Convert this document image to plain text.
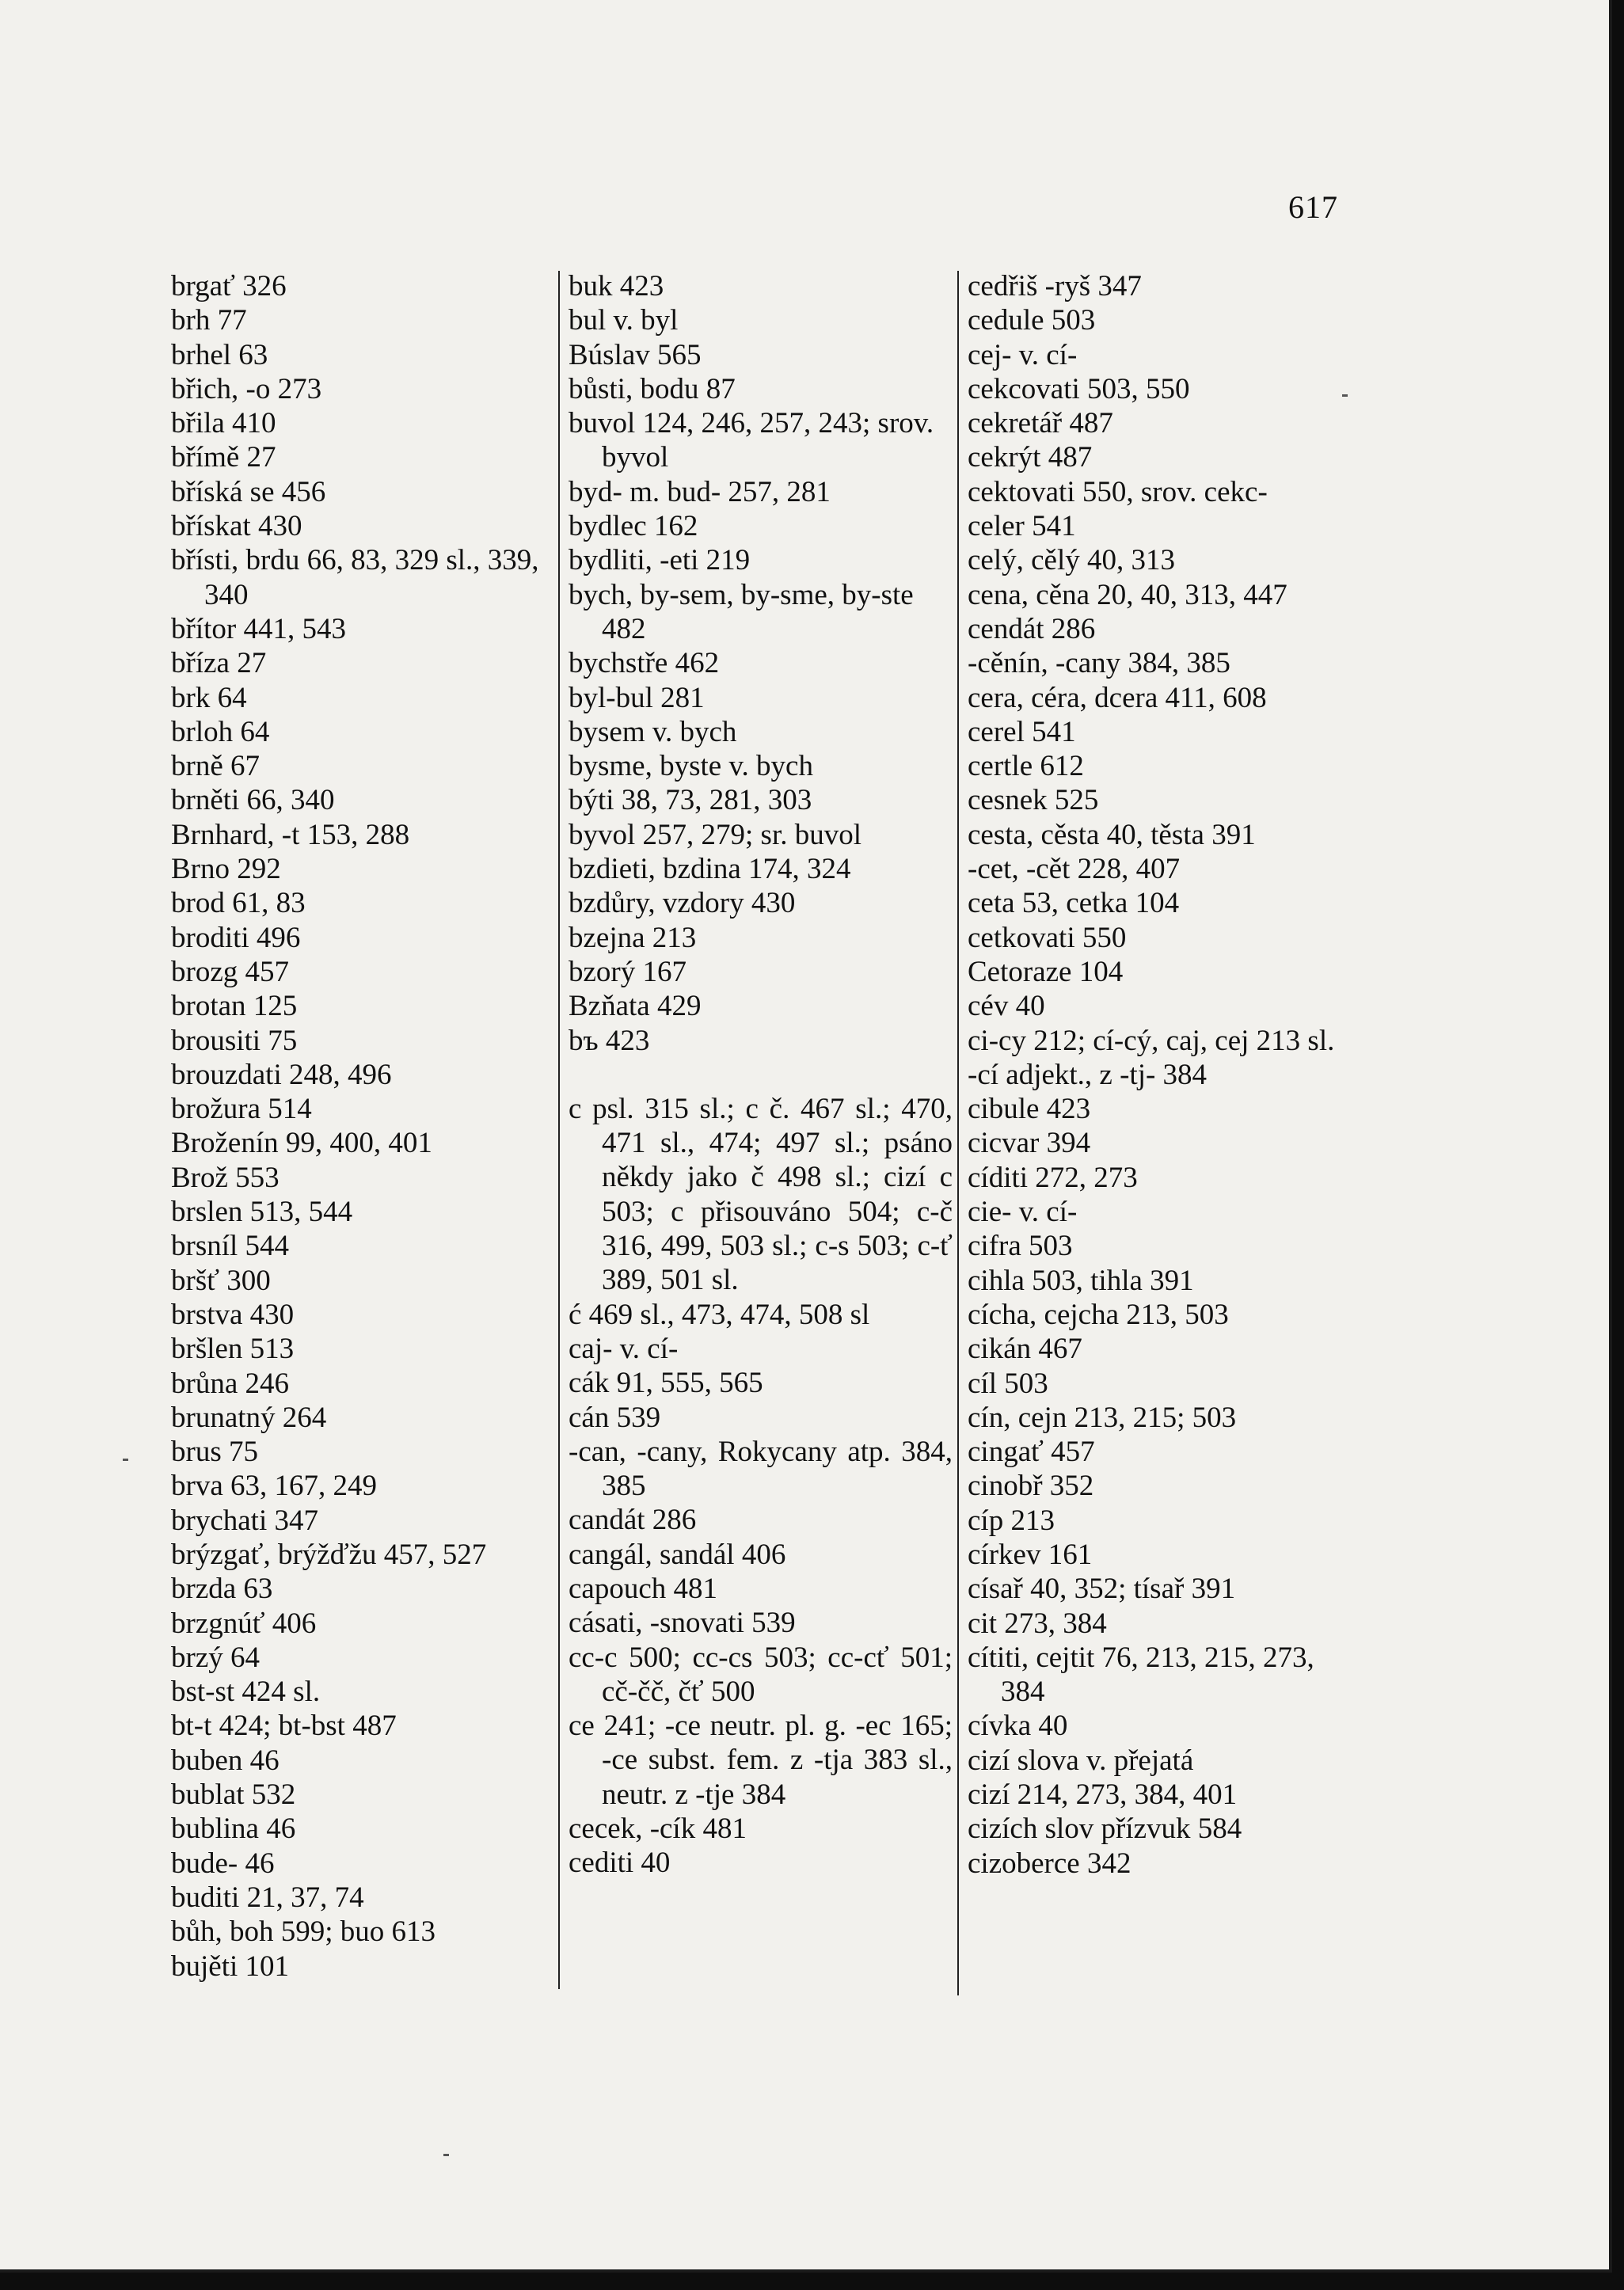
617
brgať 326
brh 77
brhel 63
břich, -o 273
břila 410
břímě 27
bříská se 456
břískat 430
břísti, brdu 66, 83, 329 sl., 339, 340
břítor 441, 543
bříza 27
brk 64
brloh 64
brně 67
brněti 66, 340
Brnhard, -t 153, 288
Brno 292
brod 61, 83
broditi 496
brozg 457
brotan 125
brousiti 75
brouzdati 248, 496
brožura 514
Broženín 99, 400, 401
Brož 553
brslen 513, 544
brsníl 544
bršť 300
brstva 430
bršlen 513
brůna 246
brunatný 264
brus 75
brva 63, 167, 249
brychati 347
brýzgať, brýžďžu 457, 527
brzda 63
brzgnúť 406
brzý 64
bst-st 424 sl.
bt-t 424; bt-bst 487
buben 46
bublat 532
bublina 46
bude- 46
buditi 21, 37, 74
bůh, boh 599; buo 613
bujěti 101
buk 423
bul v. byl
Búslav 565
bůsti, bodu 87
buvol 124, 246, 257, 243; srov. byvol
byd- m. bud- 257, 281
bydlec 162
bydliti, -eti 219
bych, by-sem, by-sme, by-ste 482
bychstře 462
byl-bul 281
bysem v. bych
bysme, byste v. bych
býti 38, 73, 281, 303
byvol 257, 279; sr. buvol
bzdieti, bzdina 174, 324
bzdůry, vzdory 430
bzejna 213
bzorý 167
Bzňata 429
bъ 423
c psl. 315 sl.; c č. 467 sl.; 470, 471 sl., 474; 497 sl.; psáno někdy jako č 498 sl.; cizí c 503; c přisouváno 504; c-č 316, 499, 503 sl.; c-s 503; c-ť 389, 501 sl.
ć 469 sl., 473, 474, 508 sl
caj- v. cí-
cák 91, 555, 565
cán 539
-can, -cany, Rokycany atp. 384, 385
candát 286
cangál, sandál 406
capouch 481
cásati, -snovati 539
cc-c 500; cc-cs 503; cc-cť 501; cč-čč, čť 500
ce 241; -ce neutr. pl. g. -ec 165; -ce subst. fem. z -tja 383 sl., neutr. z -tje 384
cecek, -cík 481
cediti 40
cedřiš -ryš 347
cedule 503
cej- v. cí-
cekcovati 503, 550
cekretář 487
cekrýt 487
cektovati 550, srov. cekc-
celer 541
celý, cělý 40, 313
cena, cěna 20, 40, 313, 447
cendát 286
-cěnín, -cany 384, 385
cera, céra, dcera 411, 608
cerel 541
certle 612
cesnek 525
cesta, cěsta 40, těsta 391
-cet, -cět 228, 407
ceta 53, cetka 104
cetkovati 550
Cetoraze 104
cév 40
ci-cy 212; cí-cý, caj, cej 213 sl.
-cí adjekt., z -tj- 384
cibule 423
cicvar 394
cíditi 272, 273
cie- v. cí-
cifra 503
cihla 503, tihla 391
cícha, cejcha 213, 503
cikán 467
cíl 503
cín, cejn 213, 215; 503
cingať 457
cinobř 352
cíp 213
církev 161
císař 40, 352; tísař 391
cit 273, 384
cítiti, cejtit 76, 213, 215, 273, 384
cívka 40
cizí slova v. přejatá
cizí 214, 273, 384, 401
cizích slov přízvuk 584
cizoberce 342
